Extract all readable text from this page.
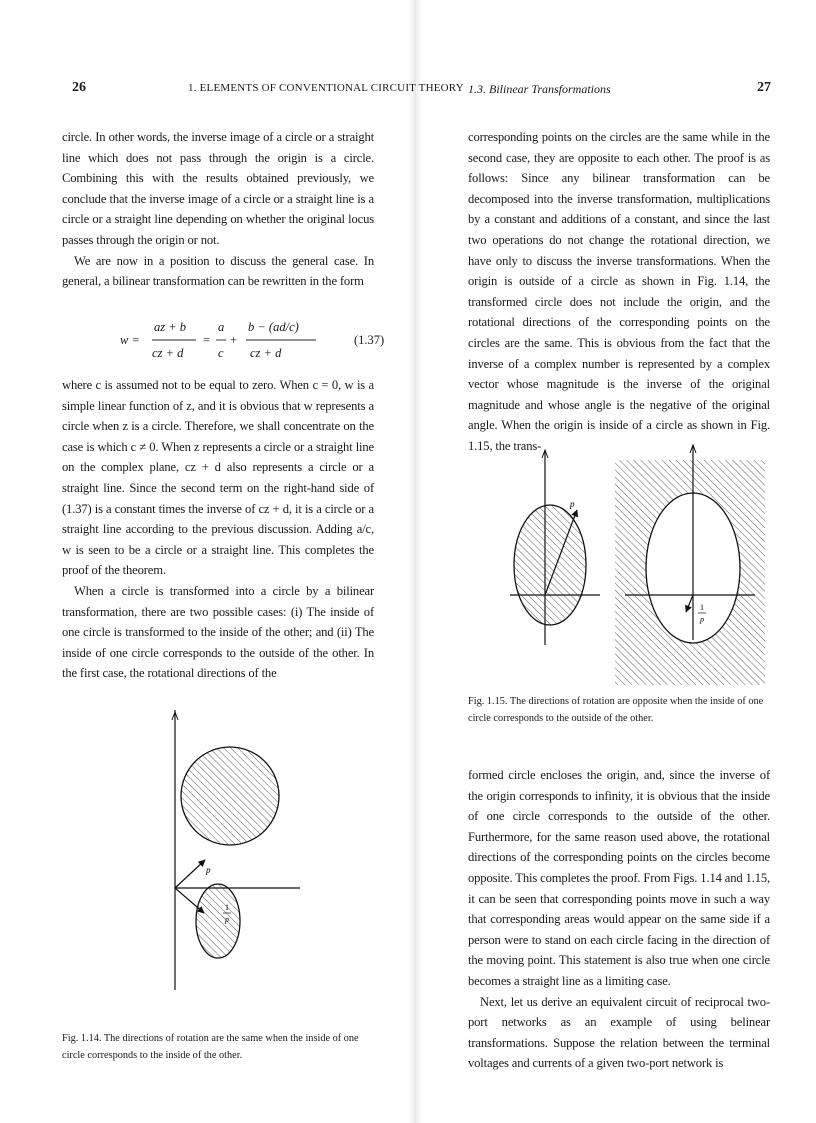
26	1. ELEMENTS OF CONVENTIONAL CIRCUIT THEORY

circle. In other words, the inverse image of a circle or a straight line which does not pass through the origin is a circle. Combining this with the results obtained previously, we conclude that the inverse image of a circle or a straight line is a circle or a straight line depending on whether the original locus passes through the origin or not.

We are now in a position to discuss the general case. In general, a bilinear transformation can be rewritten in the form

w =
az + b
cz + d
=
a
c
+
b − (ad/c)
cz + d
(1.37)

where c is assumed not to be equal to zero. When c = 0, w is a simple linear function of z, and it is obvious that w represents a circle when z is a circle. Therefore, we shall concentrate on the case is which c ≠ 0. When z represents a circle or a straight line on the complex plane, cz + d also represents a circle or a straight line. Since the second term on the right-hand side of (1.37) is a constant times the inverse of cz + d, it is a circle or a straight line according to the previous discussion. Adding a/c, w is seen to be a circle or a straight line. This completes the proof of the theorem.

When a circle is transformed into a circle by a bilinear transformation, there are two possible cases: (i) The inside of one circle is transformed to the inside of the other; and (ii) The inside of one circle corresponds to the outside of the other. In the first case, the rotational directions of the

p
1
p
Fig. 1.14. The directions of rotation are the same when the inside of one circle corresponds to the inside of the other.
1.3. Bilinear Transformations	27

corresponding points on the circles are the same while in the second case, they are opposite to each other. The proof is as follows: Since any bilinear transformation can be decomposed into the inverse transformation, multiplications by a constant and additions of a constant, and since the last two operations do not change the rotational direction, we have only to discuss the inverse transformations. When the origin is outside of a circle as shown in Fig. 1.14, the transformed circle does not include the origin, and the rotational directions of the corresponding points on the circles are the same. This is obvious from the fact that the inverse of a complex number is represented by a complex vector whose magnitude is the inverse of the original magnitude and whose angle is the negative of the original angle. When the origin is inside of a circle as shown in Fig. 1.15, the trans-

p
1
p
Fig. 1.15. The directions of rotation are opposite when the inside of one circle corresponds to the outside of the other.

formed circle encloses the origin, and, since the inverse of the origin corresponds to infinity, it is obvious that the inside of one circle corresponds to the outside of the other. Furthermore, for the same reason used above, the rotational directions of the corresponding points on the circles become opposite. This completes the proof. From Figs. 1.14 and 1.15, it can be seen that corresponding points move in such a way that corresponding areas would appear on the same side if a person were to stand on each circle facing in the direction of the moving point. This statement is also true when one circle becomes a straight line as a limiting case.

Next, let us derive an equivalent circuit of reciprocal two-port networks as an example of using belinear transformations. Suppose the relation between the terminal voltages and currents of a given two-port network is
